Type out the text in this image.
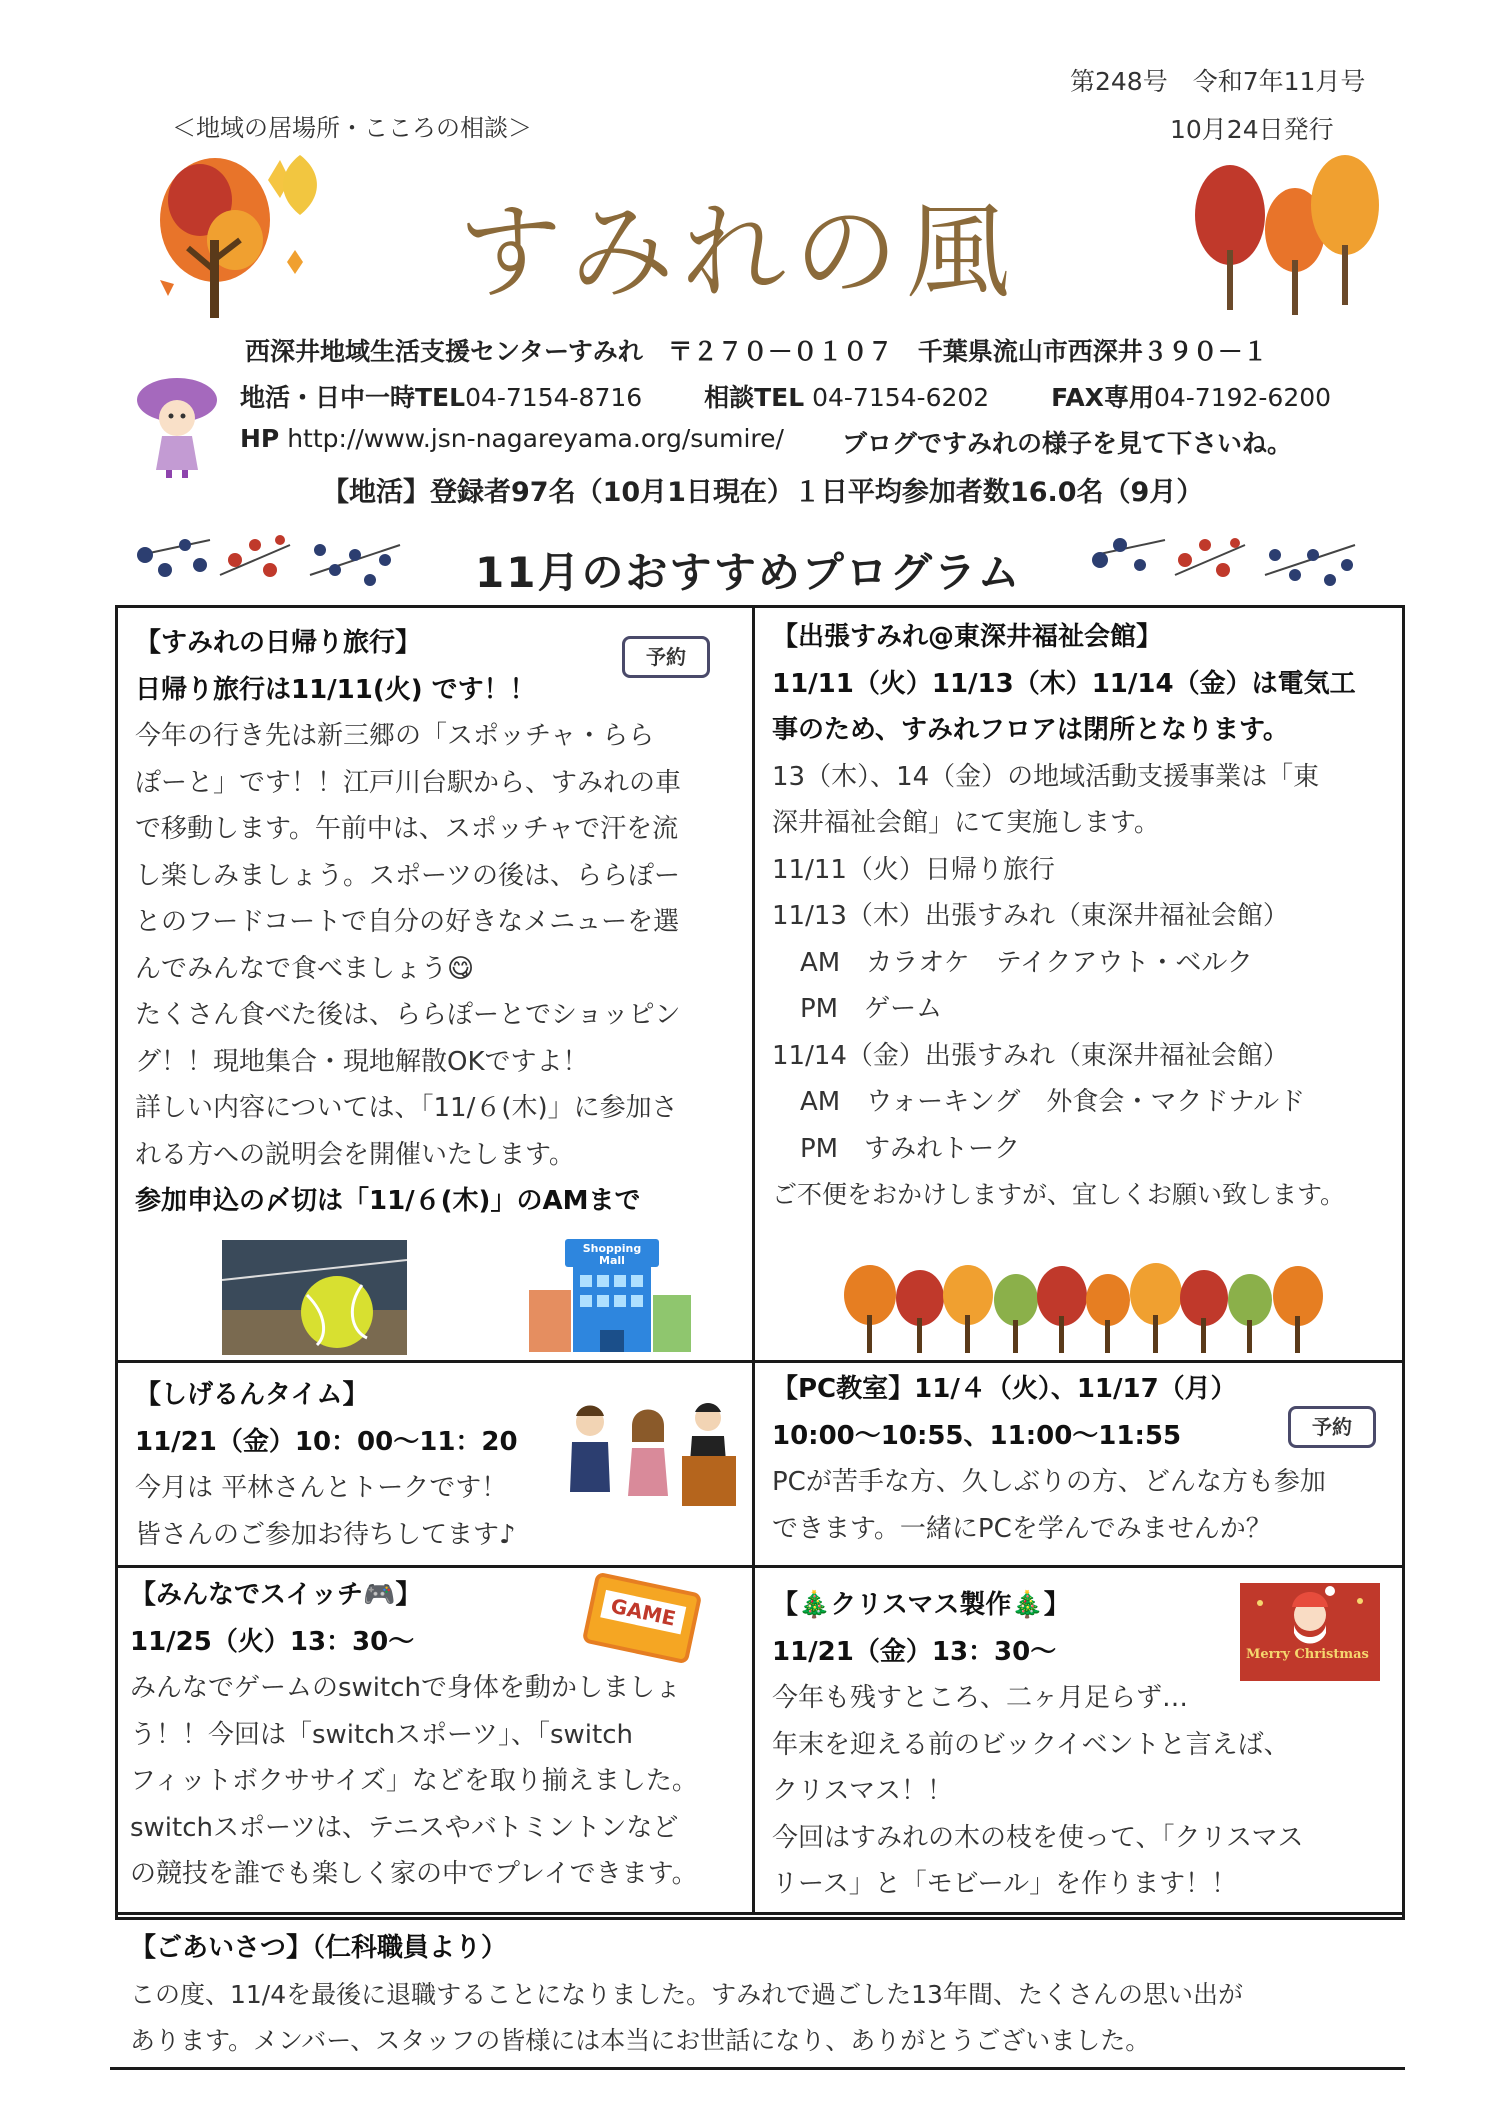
第248号　令和7年11月号
10月24日発行
＜地域の居場所・こころの相談＞
すみれの風
西深井地域生活支援センターすみれ　〒２７０－０１０７　千葉県流山市西深井３９０－１
地活・日中一時TEL04-7154-8716 相談TEL 04-7154-6202 FAX専用04-7192-6200
HP http://www.jsn-nagareyama.org/sumire/ ブログですみれの様子を見て下さいね。
【地活】登録者97名（10月1日現在）１日平均参加者数16.0名（9月）
11月のおすすめプログラム

【すみれの日帰り旅行】

日帰り旅行は11/11(火) です！！

今年の行き先は新三郷の「スポッチャ・らら

ぽーと」です！！江戸川台駅から、すみれの車

で移動します。午前中は、スポッチャで汗を流

し楽しみましょう。スポーツの後は、ららぽー

とのフードコートで自分の好きなメニューを選

んでみんなで食べましょう😋

たくさん食べた後は、ららぽーとでショッピン

グ！！現地集合・現地解散OKですよ！

詳しい内容については、「11/６(木)」に参加さ

れる方への説明会を開催いたします。

参加申込の〆切は「11/６(木)」のAMまで

予約
Shopping
Mall

【出張すみれ@東深井福祉会館】

11/11（火）11/13（木）11/14（金）は電気工

事のため、すみれフロアは閉所となります。

13（木）、14（金）の地域活動支援事業は「東

深井福祉会館」にて実施します。

11/11（火）日帰り旅行

11/13（木）出張すみれ（東深井福祉会館）

AM　カラオケ　テイクアウト・ベルク

PM　ゲーム

11/14（金）出張すみれ（東深井福祉会館）

AM　ウォーキング　外食会・マクドナルド

PM　すみれトーク

ご不便をおかけしますが、宜しくお願い致します。

【しげるんタイム】

11/21（金）10：00～11：20

今月は 平林さんとトークです！

皆さんのご参加お待ちしてます♪

【PC教室】11/４（火）、11/17（月）

10:00～10:55、11:00～11:55

PCが苦手な方、久しぶりの方、どんな方も参加

できます。一緒にPCを学んでみませんか？

予約

【みんなでスイッチ🎮】

11/25（火）13：30～

みんなでゲームのswitchで身体を動かしましょ

う！！今回は「switchスポーツ」、「switch

フィットボクササイズ」などを取り揃えました。

switchスポーツは、テニスやバトミントンなど

の競技を誰でも楽しく家の中でプレイできます。

GAME	【🎄クリスマス製作🎄】

11/21（金）13：30～

今年も残すところ、二ヶ月足らず…

年末を迎える前のビックイベントと言えば、

クリスマス！！

今回はすみれの木の枝を使って、「クリスマス

リース」と「モビール」を作ります！！

Merry Christmas

【ごあいさつ】（仁科職員より）

この度、11/4を最後に退職することになりました。すみれで過ごした13年間、たくさんの思い出が

あります。メンバー、スタッフの皆様には本当にお世話になり、ありがとうございました。
